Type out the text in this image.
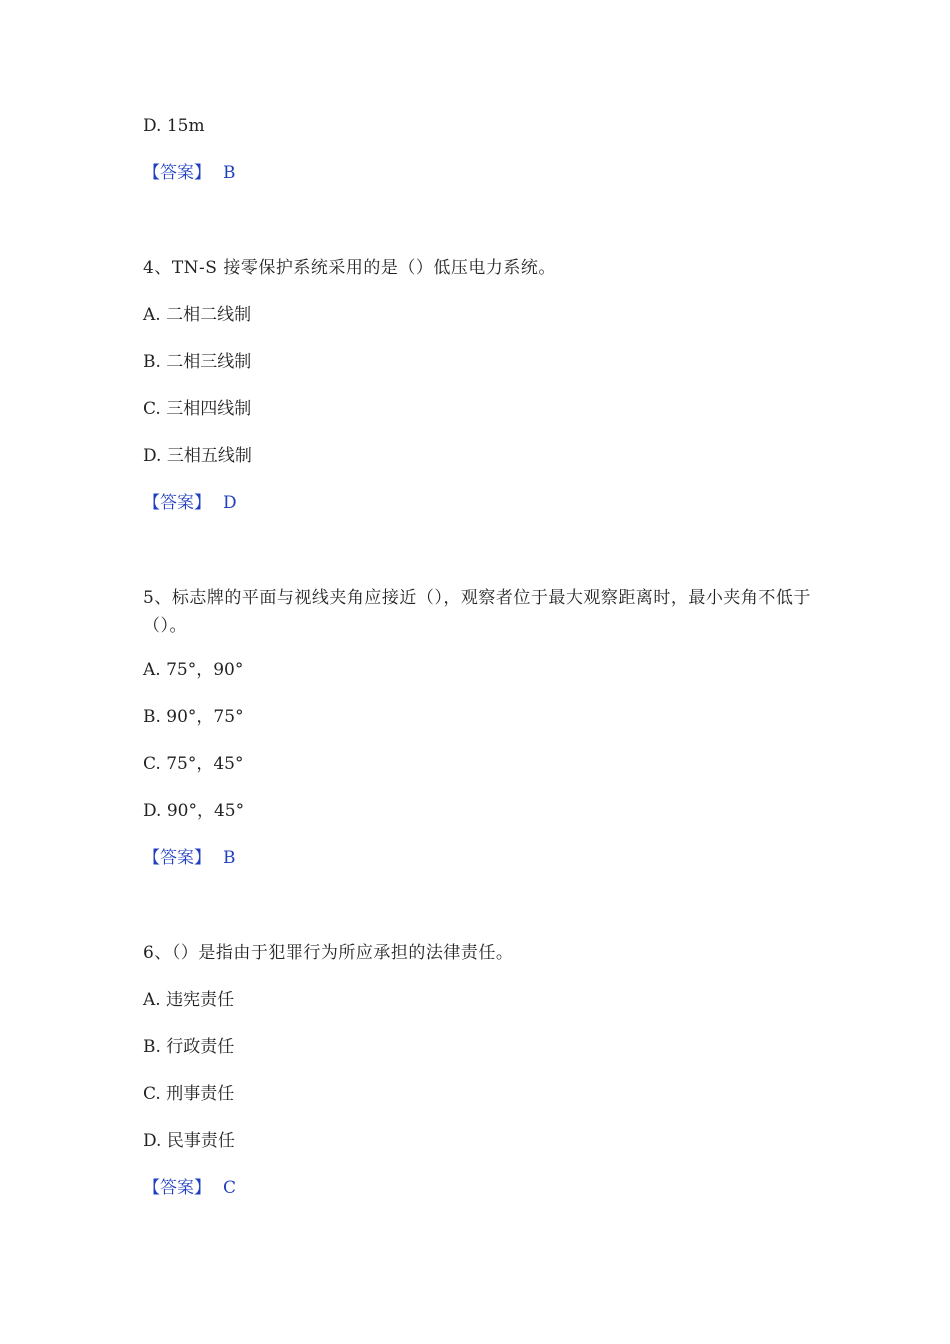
D. 15m
【答案】 B
4、TN-S 接零保护系统采用的是（）低压电力系统。
A. 二相二线制
B. 二相三线制
C. 三相四线制
D. 三相五线制
【答案】 D
5、标志牌的平面与视线夹角应接近（），观察者位于最大观察距离时，最小夹角不低于（）。
A. 75°，90°
B. 90°，75°
C. 75°，45°
D. 90°，45°
【答案】 B
6、（）是指由于犯罪行为所应承担的法律责任。
A. 违宪责任
B. 行政责任
C. 刑事责任
D. 民事责任
【答案】 C
